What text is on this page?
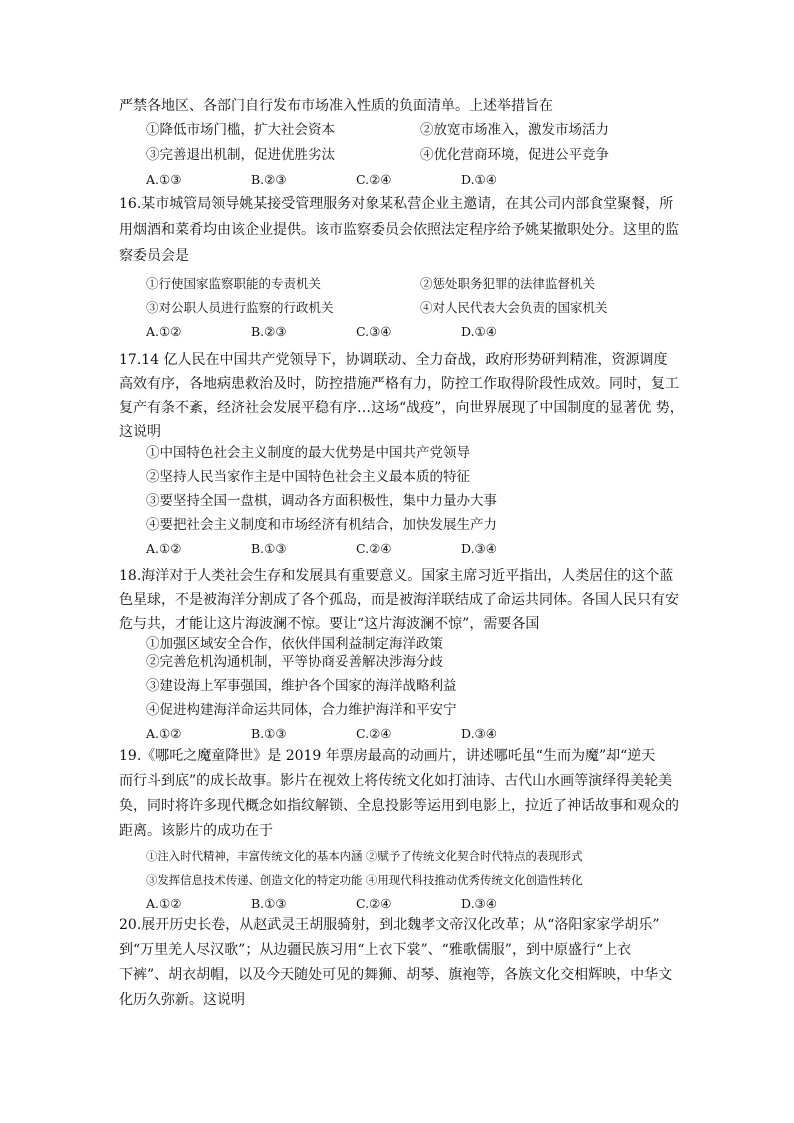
严禁各地区、各部门自行发布市场准入性质的负面清单。上述举措旨在
①降低市场门槛，扩大社会资本	②放宽市场准入，激发市场活力
③完善退出机制，促进优胜劣汰	④优化营商环境，促进公平竞争
A.①③	B.②③	C.②④	D.①④
16.某市城管局领导姚某接受管理服务对象某私营企业主邀请，在其公司内部食堂聚餐，所
用烟酒和菜肴均由该企业提供。该市监察委员会依照法定程序给予姚某撤职处分。这里的监
察委员会是
①行使国家监察职能的专责机关	②惩处职务犯罪的法律监督机关
③对公职人员进行监察的行政机关	④对人民代表大会负责的国家机关
A.①②	B.②③	C.③④	D.①④
17.14 亿人民在中国共产党领导下，协调联动、全力奋战，政府形势研判精准，资源调度
高效有序，各地病患救治及时，防控措施严格有力，防控工作取得阶段性成效。同时，复工
复产有条不紊，经济社会发展平稳有序…这场“战疫”，向世界展现了中国制度的显著优 势，
这说明
①中国特色社会主义制度的最大优势是中国共产党领导
②坚持人民当家作主是中国特色社会主义最本质的特征
③要坚持全国一盘棋，调动各方面积极性，集中力量办大事
④要把社会主义制度和市场经济有机结合，加快发展生产力
A.①②	B.①③	C.②④	D.③④
18.海洋对于人类社会生存和发展具有重要意义。国家主席习近平指出，人类居住的这个蓝
色星球，不是被海洋分割成了各个孤岛，而是被海洋联结成了命运共同体。各国人民只有安
危与共，才能让这片海波澜不惊。要让“这片海波澜不惊”，需要各国
①加强区域安全合作，依伙伴国利益制定海洋政策
②完善危机沟通机制，平等协商妥善解决涉海分歧
③建设海上军事强国，维护各个国家的海洋战略利益
④促进构建海洋命运共同体，合力维护海洋和平安宁
A.①②	B.①③	C.②④	D.③④
19.《哪吒之魔童降世》是 2019 年票房最高的动画片，讲述哪吒虽“生而为魔”却“逆天
而行斗到底”的成长故事。影片在视效上将传统文化如打油诗、古代山水画等演绎得美轮美
奂，同时将许多现代概念如指纹解锁、全息投影等运用到电影上，拉近了神话故事和观众的
距离。该影片的成功在于
①注入时代精神，丰富传统文化的基本内涵 ②赋予了传统文化契合时代特点的表现形式
③发挥信息技术传递、创造文化的特定功能 ④用现代科技推动优秀传统文化创造性转化
A.①②	B.①③	C.②④	D.③④
20.展开历史长卷，从赵武灵王胡服骑射，到北魏孝文帝汉化改革；从“洛阳家家学胡乐”
到“万里羌人尽汉歌”；从边疆民族习用“上衣下裳”、“雅歌儒服”，到中原盛行“上衣
下裤”、胡衣胡帽，以及今天随处可见的舞狮、胡琴、旗袍等，各族文化交相辉映，中华文
化历久弥新。这说明
